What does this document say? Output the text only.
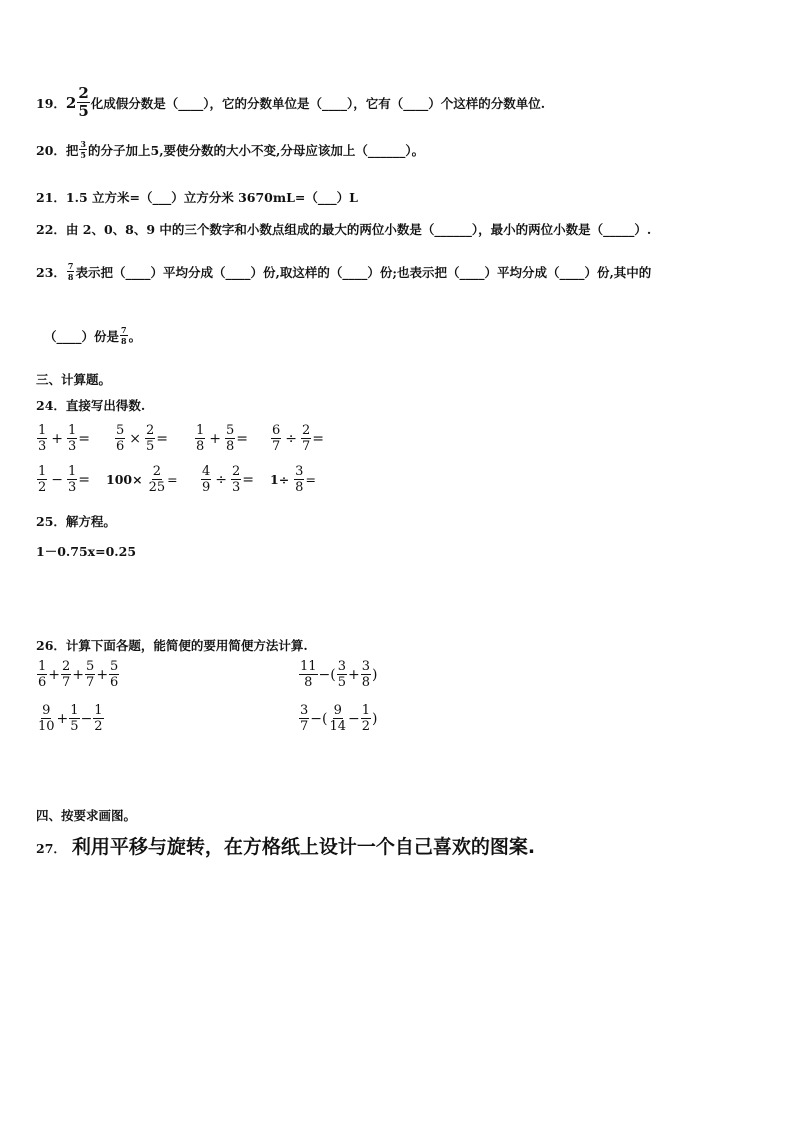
19． $2 \frac{2}{5}$ 化成假分数是（____），它的分数单位是（____），它有（____）个这样的分数单位.
20． 把 $\frac{3}{5}$ 的分子加上5,要使分数的大小不变,分母应该加上（______）。
21． 1.5 立方米=（___）立方分米 3670mL=（___）L
22． 由 2、0、8、9 中的三个数字和小数点组成的最大的两位小数是（______），最小的两位小数是（_____）.
23． $\frac{7}{8}$ 表示把（____）平均分成（____）份,取这样的（____）份;也表示把（____）平均分成（____）份,其中的
（____）份是 $\frac{7}{8}$ 。
三、计算题。
24．直接写出得数.
$\frac{1}{3} + \frac{1}{3} = \frac{5}{6} \times \frac{2}{5} = \frac{1}{8} + \frac{5}{8} = \frac{6}{7} \div \frac{2}{7}$ =
$\frac{1}{2} - \frac{1}{3} = 100\times \frac{2}{25} = \frac{4}{9} \div \frac{2}{3} = 1\div \frac{3}{8}$ =
25．解方程。
1－0.75x=0.25
26．计算下面各题，能简便的要用简便方法计算.
$\frac{1}{6} + \frac{2}{7} + \frac{5}{7} + \frac{5}{6}$	$\frac{11}{8}$ −( $\frac{3}{5} + \frac{3}{8}$ )
$\frac{9}{10} + \frac{1}{5} - \frac{1}{2}$	$\frac{3}{7}$ −( $\frac{9}{14} - \frac{1}{2}$ )
四、按要求画图。
27． 利用平移与旋转，在方格纸上设计一个自己喜欢的图案.
